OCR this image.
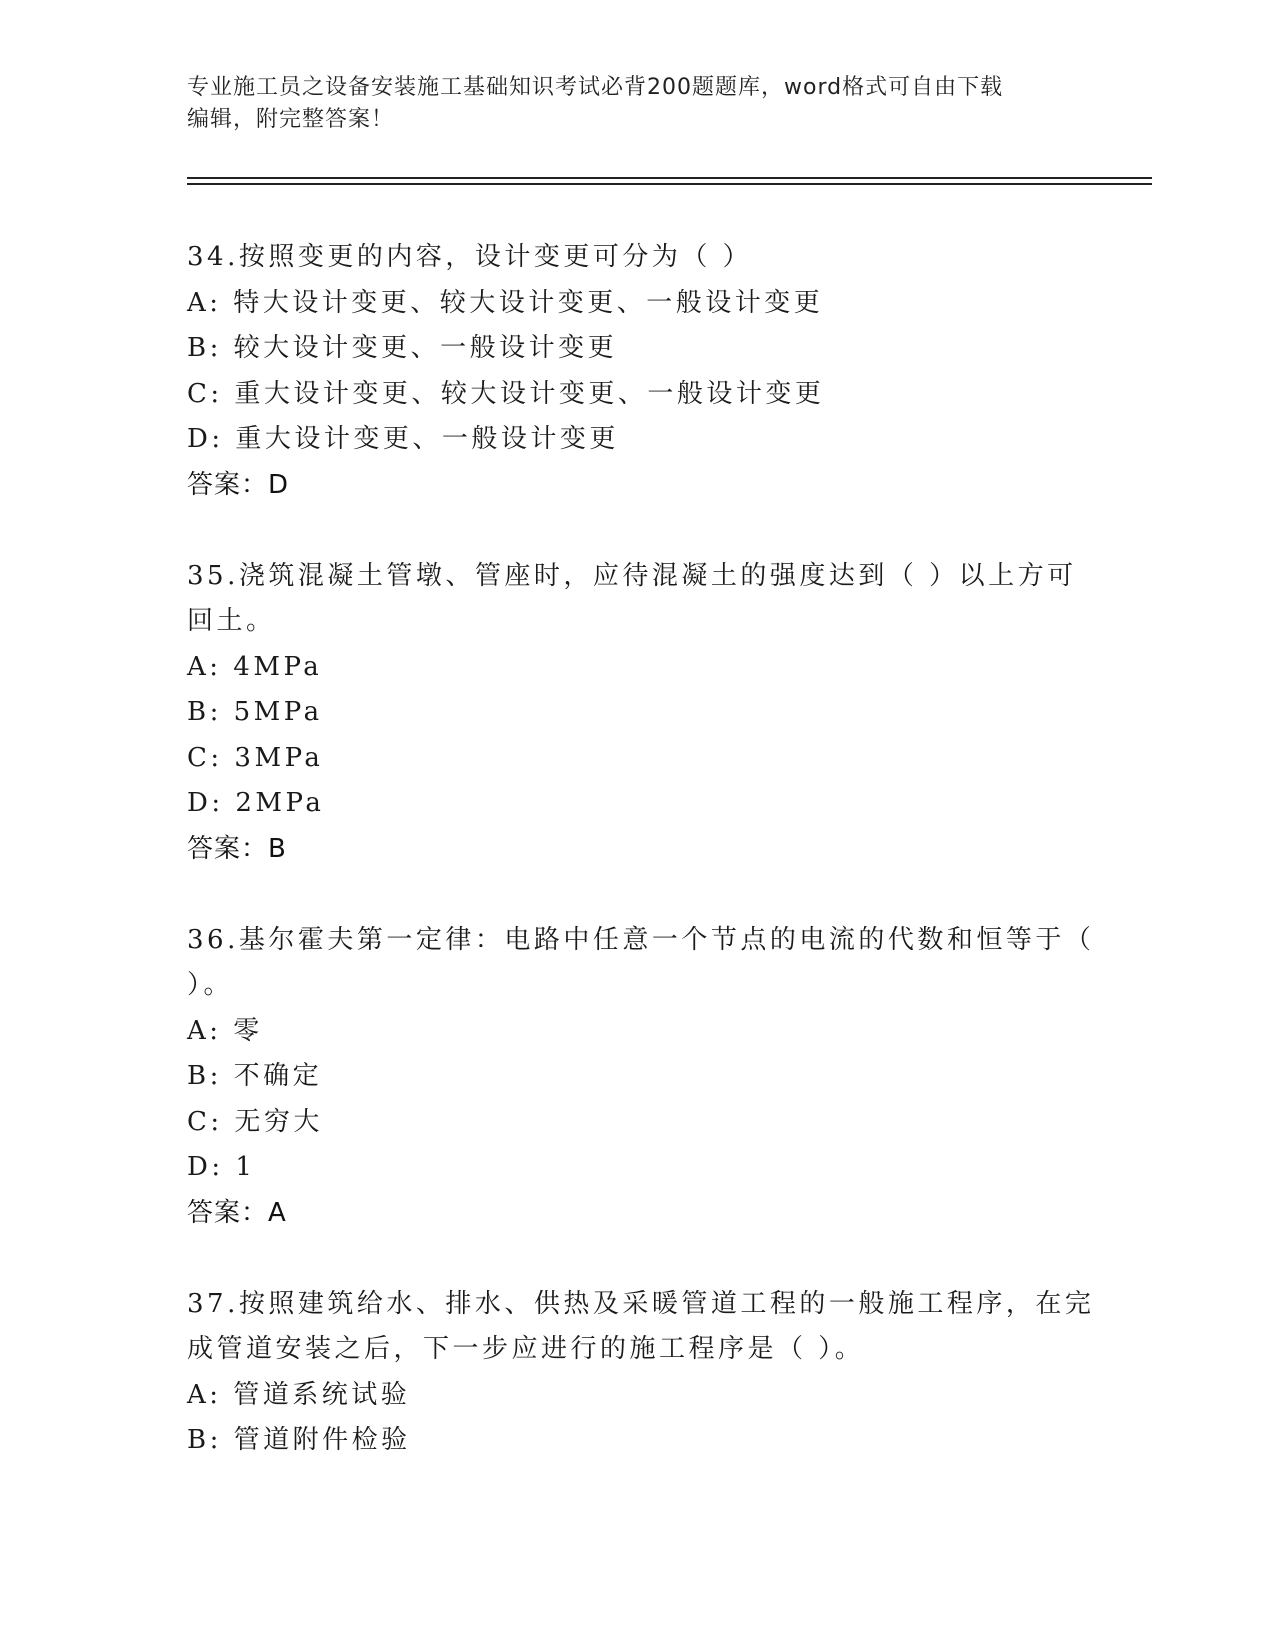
专业施工员之设备安装施工基础知识考试必背200题题库，word格式可自由下载
编辑，附完整答案！
34.按照变更的内容，设计变更可分为（ ）
A: 特大设计变更、较大设计变更、一般设计变更
B: 较大设计变更、一般设计变更
C: 重大设计变更、较大设计变更、一般设计变更
D: 重大设计变更、一般设计变更
答案：D
35.浇筑混凝土管墩、管座时，应待混凝土的强度达到（ ）以上方可
回土。
A: 4MPa
B: 5MPa
C: 3MPa
D: 2MPa
答案：B
36.基尔霍夫第一定律：电路中任意一个节点的电流的代数和恒等于（
）。
A: 零
B: 不确定
C: 无穷大
D: 1
答案：A
37.按照建筑给水、排水、供热及采暖管道工程的一般施工程序，在完
成管道安装之后，下一步应进行的施工程序是（ ）。
A: 管道系统试验
B: 管道附件检验
